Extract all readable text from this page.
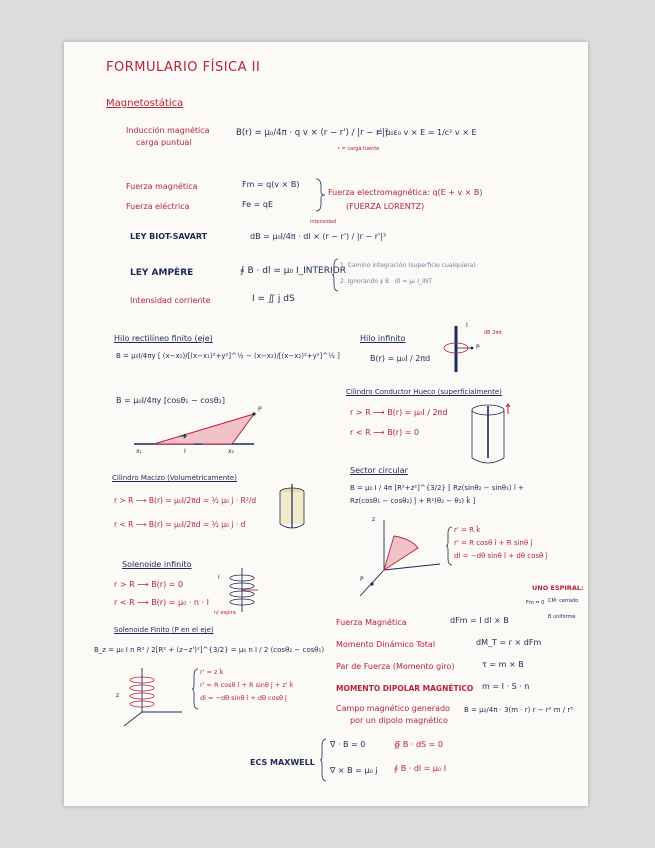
FORMULARIO FÍSICA II
Magnetostática
Inducción magnética
carga puntual
B(r) = μ₀/4π · q v × (r − r') / |r − r'|³
= μ₀ε₀ v × E = 1/c² v × E
r = carga fuente
Fuerza magnética	Fm = q(v × B)
Fuerza eléctrica	Fe = qE
Fuerza electromagnética: q(E + v × B)
(FUERZA LORENTZ)
LEY BIOT-SAVART	dB = μ₀I/4π · dl × (r − r') / |r − r'|³
intensidad
LEY AMPÈRE	∮ B · dl = μ₀ I_INTERIOR
1. Camino integración (superficie cualquiera)
2. Ignorando ∮ B · dl = μ₀ I_INT
Intensidad corriente	I = ∬ j dS
Hilo rectilíneo finito (eje)
B = μ₀I/4πy [ (x−x₁)/[(x−x₁)²+y²]^½ − (x−x₂)/[(x−x₂)²+y²]^½ ]
B = μ₀I/4πy [cosθ₁ − cosθ₂]
x₁	x₂
P
I
Hilo infinito
B(r) = μ₀I / 2πd
I
P
dB 2πd
Cilindro Conductor Hueco (superficialmente)
r > R ⟶ B(r) = μ₀I / 2πd
r < R ⟶ B(r) = 0
Cilindro Macizo (Volumétricamente)
r > R ⟶ B(r) = μ₀I/2πd = ½ μ₀ j · R²/d
r < R ⟶ B(r) = μ₀I/2πd = ½ μ₀ j · d
Sector circular
B = μ₀ I / 4π [R²+z²]^{3/2} [ Rz(sinθ₂ − sinθ₁) î + Rz(cosθ₁ − cosθ₂) ĵ + R²(θ₂ − θ₁) k̂ ]
P
z
r' = R k̂
r' = R cosθ î + R sinθ ĵ
dl = −dθ sinθ î + dθ cosθ ĵ
Solenoide infinito
r > R ⟶ B(r) = 0
r < R ⟶ B(r) = μ₀ · n · I
n/ espira
I
UNO ESPIRAL:
Fm = 0 CM: cerrado
B uniforme
Solenoide Finito (P en el eje)
B_z = μ₀ I n R² / 2[R² + (z−z')²]^{3/2} = μ₀ n I / 2 (cosθ₂ − cosθ₁)
z
r' = z k̂
r' = R cosθ î + R sinθ ĵ + z' k̂
dl = −dθ sinθ î + dθ cosθ ĵ
Fuerza Magnética	dFm = I dl × B
Momento Dinámico Total	dM_T = r × dFm
Par de Fuerza (Momento giro)	τ = m × B
MOMENTO DIPOLAR MAGNÉTICO m = I · S · n
Campo magnético generado
por un dipolo magnético
B = μ₀/4π · 3(m · r) r − r² m / r⁵
ECS MAXWELL
∇ · B = 0	∯ B · dS = 0
∇ × B = μ₀ j ∮ B · dl = μ₀ I
